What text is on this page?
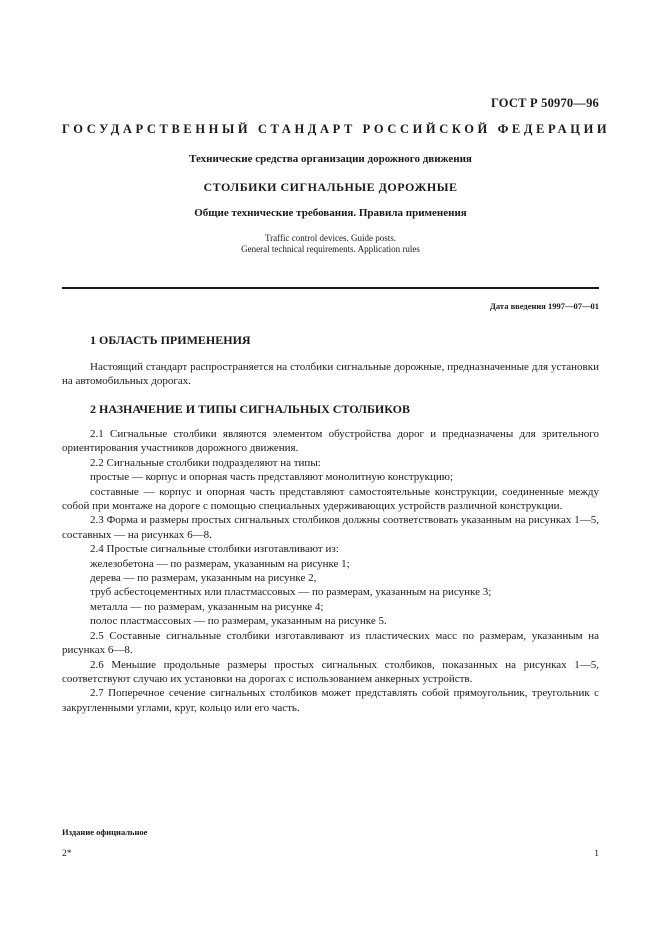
ГОСТ Р 50970—96
ГОСУДАРСТВЕННЫЙ СТАНДАРТ РОССИЙСКОЙ ФЕДЕРАЦИИ
Технические средства организации дорожного движения
СТОЛБИКИ СИГНАЛЬНЫЕ ДОРОЖНЫЕ
Общие технические требования. Правила применения
Traffic control devices. Guide posts.
General technical requirements. Application rules
Дата введения 1997—07—01
1 ОБЛАСТЬ ПРИМЕНЕНИЯ

Настоящий стандарт распространяется на столбики сигнальные дорожные, предназначенные для установки на автомобильных дорогах.

2 НАЗНАЧЕНИЕ И ТИПЫ СИГНАЛЬНЫХ СТОЛБИКОВ

2.1 Сигнальные столбики являются элементом обустройства дорог и предназначены для зрительного ориентирования участников дорожного движения.

2.2 Сигнальные столбики подразделяют на типы:

простые — корпус и опорная часть представляют монолитную конструкцию;

составные — корпус и опорная часть представляют самостоятельные конструкции, соединенные между собой при монтаже на дороге с помощью специальных удерживающих устройств различной конструкции.

2.3 Форма и размеры простых сигнальных столбиков должны соответствовать указанным на рисунках 1—5, составных — на рисунках 6—8.

2.4 Простые сигнальные столбики изготавливают из:

железобетона — по размерам, указанным на рисунке 1;

дерева — по размерам, указанным на рисунке 2,

труб асбестоцементных или пластмассовых — по размерам, указанным на рисунке 3;

металла — по размерам, указанным на рисунке 4;

полос пластмассовых — по размерам, указанным на рисунке 5.

2.5 Составные сигнальные столбики изготавливают из пластических масс по размерам, указанным на рисунках 6—8.

2.6 Меньшие продольные размеры простых сигнальных столбиков, показанных на рисунках 1—5, соответствуют случаю их установки на дорогах с использованием анкерных устройств.

2.7 Поперечное сечение сигнальных столбиков может представлять собой прямоугольник, треугольник с закругленными углами, круг, кольцо или его часть.

Издание официальное
2*	1
